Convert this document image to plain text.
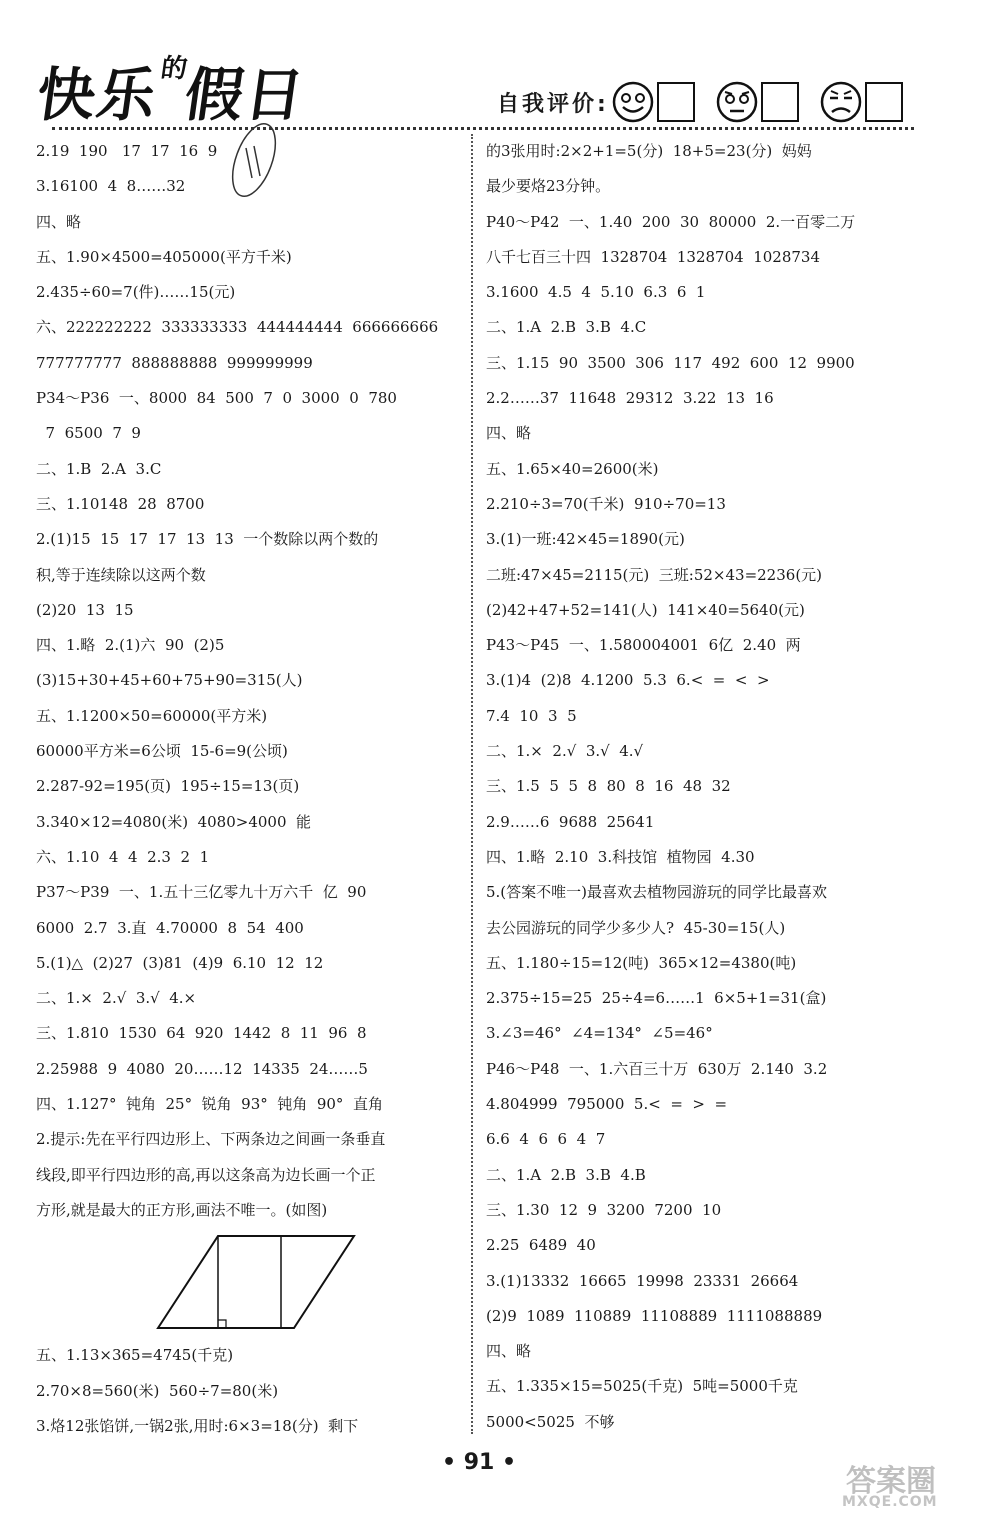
快乐$^的$假日	自我评价:
2.19  190   17  17  16  9
3.16100  4  8……32
四、略
五、1.90×4500=405000(平方千米)
2.435÷60=7(件)……15(元)
六、222222222  333333333  444444444  666666666
777777777  888888888  999999999
P34～P36  一、8000  84  500  7  0  3000  0  780
7  6500  7  9
二、1.B  2.A  3.C
三、1.10148  28  8700
2.(1)15  15  17  17  13  13  一个数除以两个数的
积,等于连续除以这两个数
(2)20  13  15
四、1.略  2.(1)六  90  (2)5
(3)15+30+45+60+75+90=315(人)
五、1.1200×50=60000(平方米)
60000平方米=6公顷  15-6=9(公顷)
2.287-92=195(页)  195÷15=13(页)
3.340×12=4080(米)  4080>4000  能
六、1.10  4  4  2.3  2  1
P37～P39  一、1.五十三亿零九十万六千  亿  90
6000  2.7  3.直  4.70000  8  54  400
5.(1)△  (2)27  (3)81  (4)9  6.10  12  12
二、1.×  2.√  3.√  4.×
三、1.810  1530  64  920  1442  8  11  96  8
2.25988  9  4080  20……12  14335  24……5
四、1.127°  钝角  25°  锐角  93°  钝角  90°  直角
2.提示:先在平行四边形上、下两条边之间画一条垂直
线段,即平行四边形的高,再以这条高为边长画一个正
方形,就是最大的正方形,画法不唯一。(如图)

五、1.13×365=4745(千克)
2.70×8=560(米)  560÷7=80(米)
3.烙12张馅饼,一锅2张,用时:6×3=18(分)  剩下
的3张用时:2×2+1=5(分)  18+5=23(分)  妈妈
最少要烙23分钟。
P40～P42  一、1.40  200  30  80000  2.一百零二万
八千七百三十四  1328704  1328704  1028734
3.1600  4.5  4  5.10  6.3  6  1
二、1.A  2.B  3.B  4.C
三、1.15  90  3500  306  117  492  600  12  9900
2.2……37  11648  29312  3.22  13  16
四、略
五、1.65×40=2600(米)
2.210÷3=70(千米)  910÷70=13
3.(1)一班:42×45=1890(元)
二班:47×45=2115(元)  三班:52×43=2236(元)
(2)42+47+52=141(人)  141×40=5640(元)
P43～P45  一、1.580004001  6亿  2.40  两
3.(1)4  (2)8  4.1200  5.3  6.<  =  <  >
7.4  10  3  5
二、1.×  2.√  3.√  4.√
三、1.5  5  5  8  80  8  16  48  32
2.9……6  9688  25641
四、1.略  2.10  3.科技馆  植物园  4.30
5.(答案不唯一)最喜欢去植物园游玩的同学比最喜欢
去公园游玩的同学少多少人?  45-30=15(人)
五、1.180÷15=12(吨)  365×12=4380(吨)
2.375÷15=25  25÷4=6……1  6×5+1=31(盒)
3.∠3=46°  ∠4=134°  ∠5=46°
P46～P48  一、1.六百三十万  630万  2.140  3.2
4.804999  795000  5.<  =  >  =
6.6  4  6  6  4  7
二、1.A  2.B  3.B  4.B
三、1.30  12  9  3200  7200  10
2.25  6489  40
3.(1)13332  16665  19998  23331  26664
(2)9  1089  110889  11108889  1111088889
四、略
五、1.335×15=5025(千克)  5吨=5000千克
5000<5025  不够
• 91 •
答案圈
MXQE.COM
